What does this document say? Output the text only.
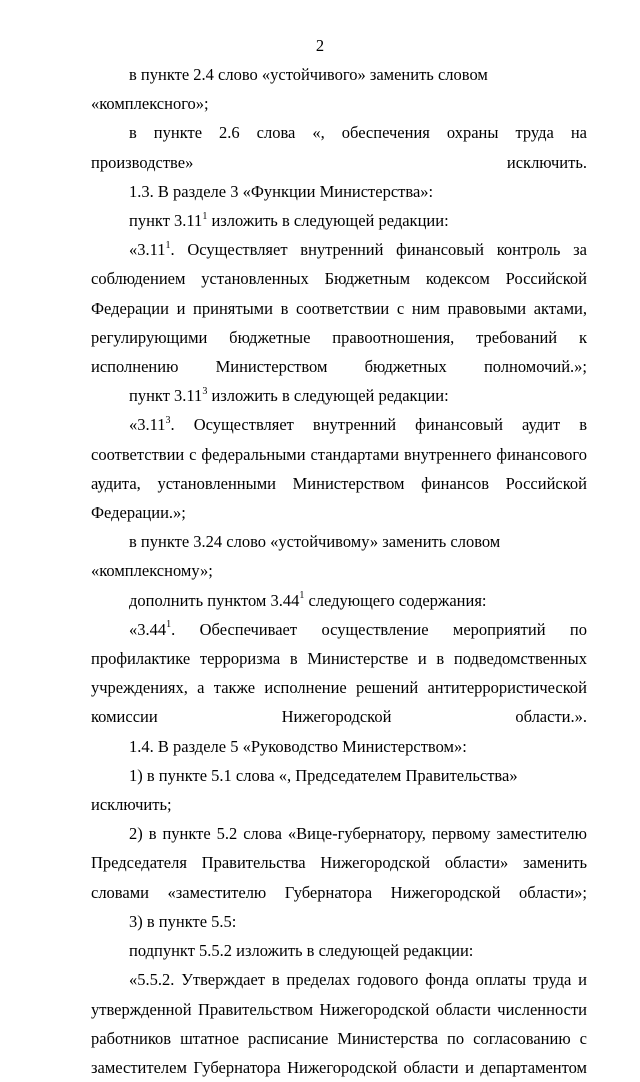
2

в пункте 2.4 слово «устойчивого» заменить словом «комплексного»;

в пункте 2.6 слова «, обеспечения охраны труда на производстве» исключить.

1.3. В разделе 3 «Функции Министерства»:

пункт 3.11$^1$ изложить в следующей редакции:

«3.11$^1$. Осуществляет внутренний финансовый контроль за соблюдением установленных Бюджетным кодексом Российской Федерации и принятыми в соответствии с ним правовыми актами, регулирующими бюджетные правоотношения, требований к исполнению Министерством бюджетных полномочий.»;

пункт 3.11$^3$ изложить в следующей редакции:

«3.11$^3$. Осуществляет внутренний финансовый аудит в соответствии с федеральными стандартами внутреннего финансового аудита, установленными Министерством финансов Российской Федерации.»;

в пункте 3.24 слово «устойчивому» заменить словом «комплексному»;

дополнить пунктом 3.44$^1$ следующего содержания:

«3.44$^1$. Обеспечивает осуществление мероприятий по профилактике терроризма в Министерстве и в подведомственных учреждениях, а также исполнение решений антитеррористической комиссии Нижегородской области.».

1.4. В разделе 5 «Руководство Министерством»:

1) в пункте 5.1 слова «, Председателем Правительства» исключить;

2) в пункте 5.2 слова «Вице-губернатору, первому заместителю Председателя Правительства Нижегородской области» заменить словами «заместителю Губернатора Нижегородской области»;

3) в пункте 5.5:

подпункт 5.5.2 изложить в следующей редакции:

«5.5.2. Утверждает в пределах годового фонда оплаты труда и утвержденной Правительством Нижегородской области численности работников штатное расписание Министерства по согласованию с заместителем Губернатора Нижегородской области и департаментом
